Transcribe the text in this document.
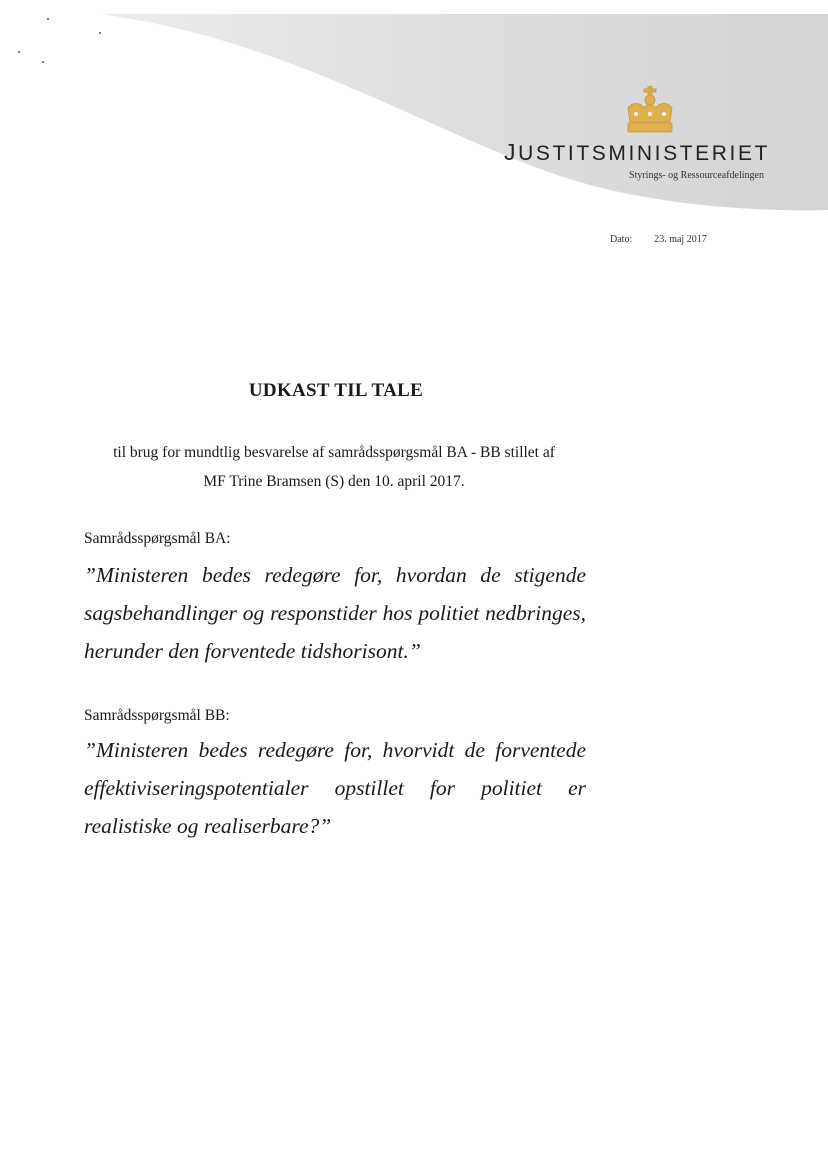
JUSTITSMINISTERIET
Styrings- og Ressourceafdelingen
Dato: 23. maj 2017
UDKAST TIL TALE
til brug for mundtlig besvarelse af samrådsspørgsmål BA - BB stillet af
MF Trine Bramsen (S) den 10. april 2017.
Samrådsspørgsmål BA:
”Ministeren bedes redegøre for, hvordan de stigende sagsbehandlinger og responstider hos politiet nedbringes, herunder den forventede tidshorisont.”
Samrådsspørgsmål BB:
”Ministeren bedes redegøre for, hvorvidt de forventede effektiviseringspotentialer opstillet for politiet er realistiske og realiserbare?”
